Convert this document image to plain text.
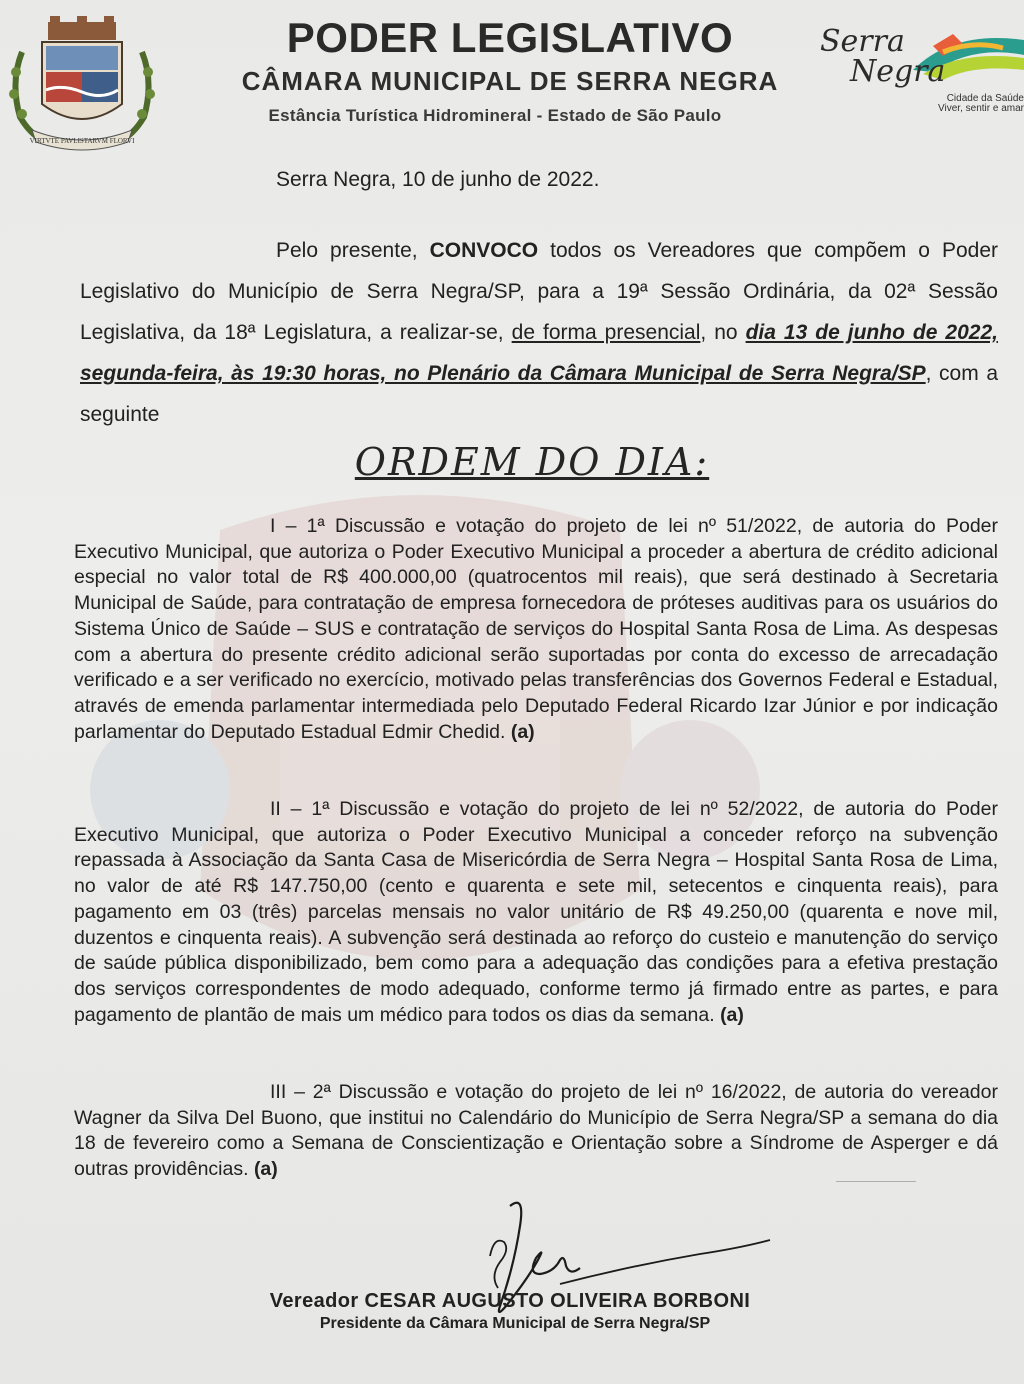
VIRTVTE PAVLISTARVM FLORVI
Serra
Negra
Cidade da Saúde
Viver, sentir e amar
PODER LEGISLATIVO
CÂMARA MUNICIPAL DE SERRA NEGRA
Estância Turística Hidromineral - Estado de São Paulo
Serra Negra, 10 de junho de 2022.
Pelo presente, CONVOCO todos os Vereadores que compõem o Poder Legislativo do Município de Serra Negra/SP, para a 19ª Sessão Ordinária, da 02ª Sessão Legislativa, da 18ª Legislatura, a realizar-se, de forma presencial, no dia 13 de junho de 2022, segunda-feira, às 19:30 horas, no Plenário da Câmara Municipal de Serra Negra/SP, com a seguinte
ORDEM DO DIA:
I – 1ª Discussão e votação do projeto de lei nº 51/2022, de autoria do Poder Executivo Municipal, que autoriza o Poder Executivo Municipal a proceder a abertura de crédito adicional especial no valor total de R$ 400.000,00 (quatrocentos mil reais), que será destinado à Secretaria Municipal de Saúde, para contratação de empresa fornecedora de próteses auditivas para os usuários do Sistema Único de Saúde – SUS e contratação de serviços do Hospital Santa Rosa de Lima. As despesas com a abertura do presente crédito adicional serão suportadas por conta do excesso de arrecadação verificado e a ser verificado no exercício, motivado pelas transferências dos Governos Federal e Estadual, através de emenda parlamentar intermediada pelo Deputado Federal Ricardo Izar Júnior e por indicação parlamentar do Deputado Estadual Edmir Chedid. (a)
II – 1ª Discussão e votação do projeto de lei nº 52/2022, de autoria do Poder Executivo Municipal, que autoriza o Poder Executivo Municipal a conceder reforço na subvenção repassada à Associação da Santa Casa de Misericórdia de Serra Negra – Hospital Santa Rosa de Lima, no valor de até R$ 147.750,00 (cento e quarenta e sete mil, setecentos e cinquenta reais), para pagamento em 03 (três) parcelas mensais no valor unitário de R$ 49.250,00 (quarenta e nove mil, duzentos e cinquenta reais). A subvenção será destinada ao reforço do custeio e manutenção do serviço de saúde pública disponibilizado, bem como para a adequação das condições para a efetiva prestação dos serviços correspondentes de modo adequado, conforme termo já firmado entre as partes, e para pagamento de plantão de mais um médico para todos os dias da semana. (a)
III – 2ª Discussão e votação do projeto de lei nº 16/2022, de autoria do vereador Wagner da Silva Del Buono, que institui no Calendário do Município de Serra Negra/SP a semana do dia 18 de fevereiro como a Semana de Conscientização e Orientação sobre a Síndrome de Asperger e dá outras providências. (a)
Vereador CESAR AUGUSTO OLIVEIRA BORBONI
Presidente da Câmara Municipal de Serra Negra/SP
